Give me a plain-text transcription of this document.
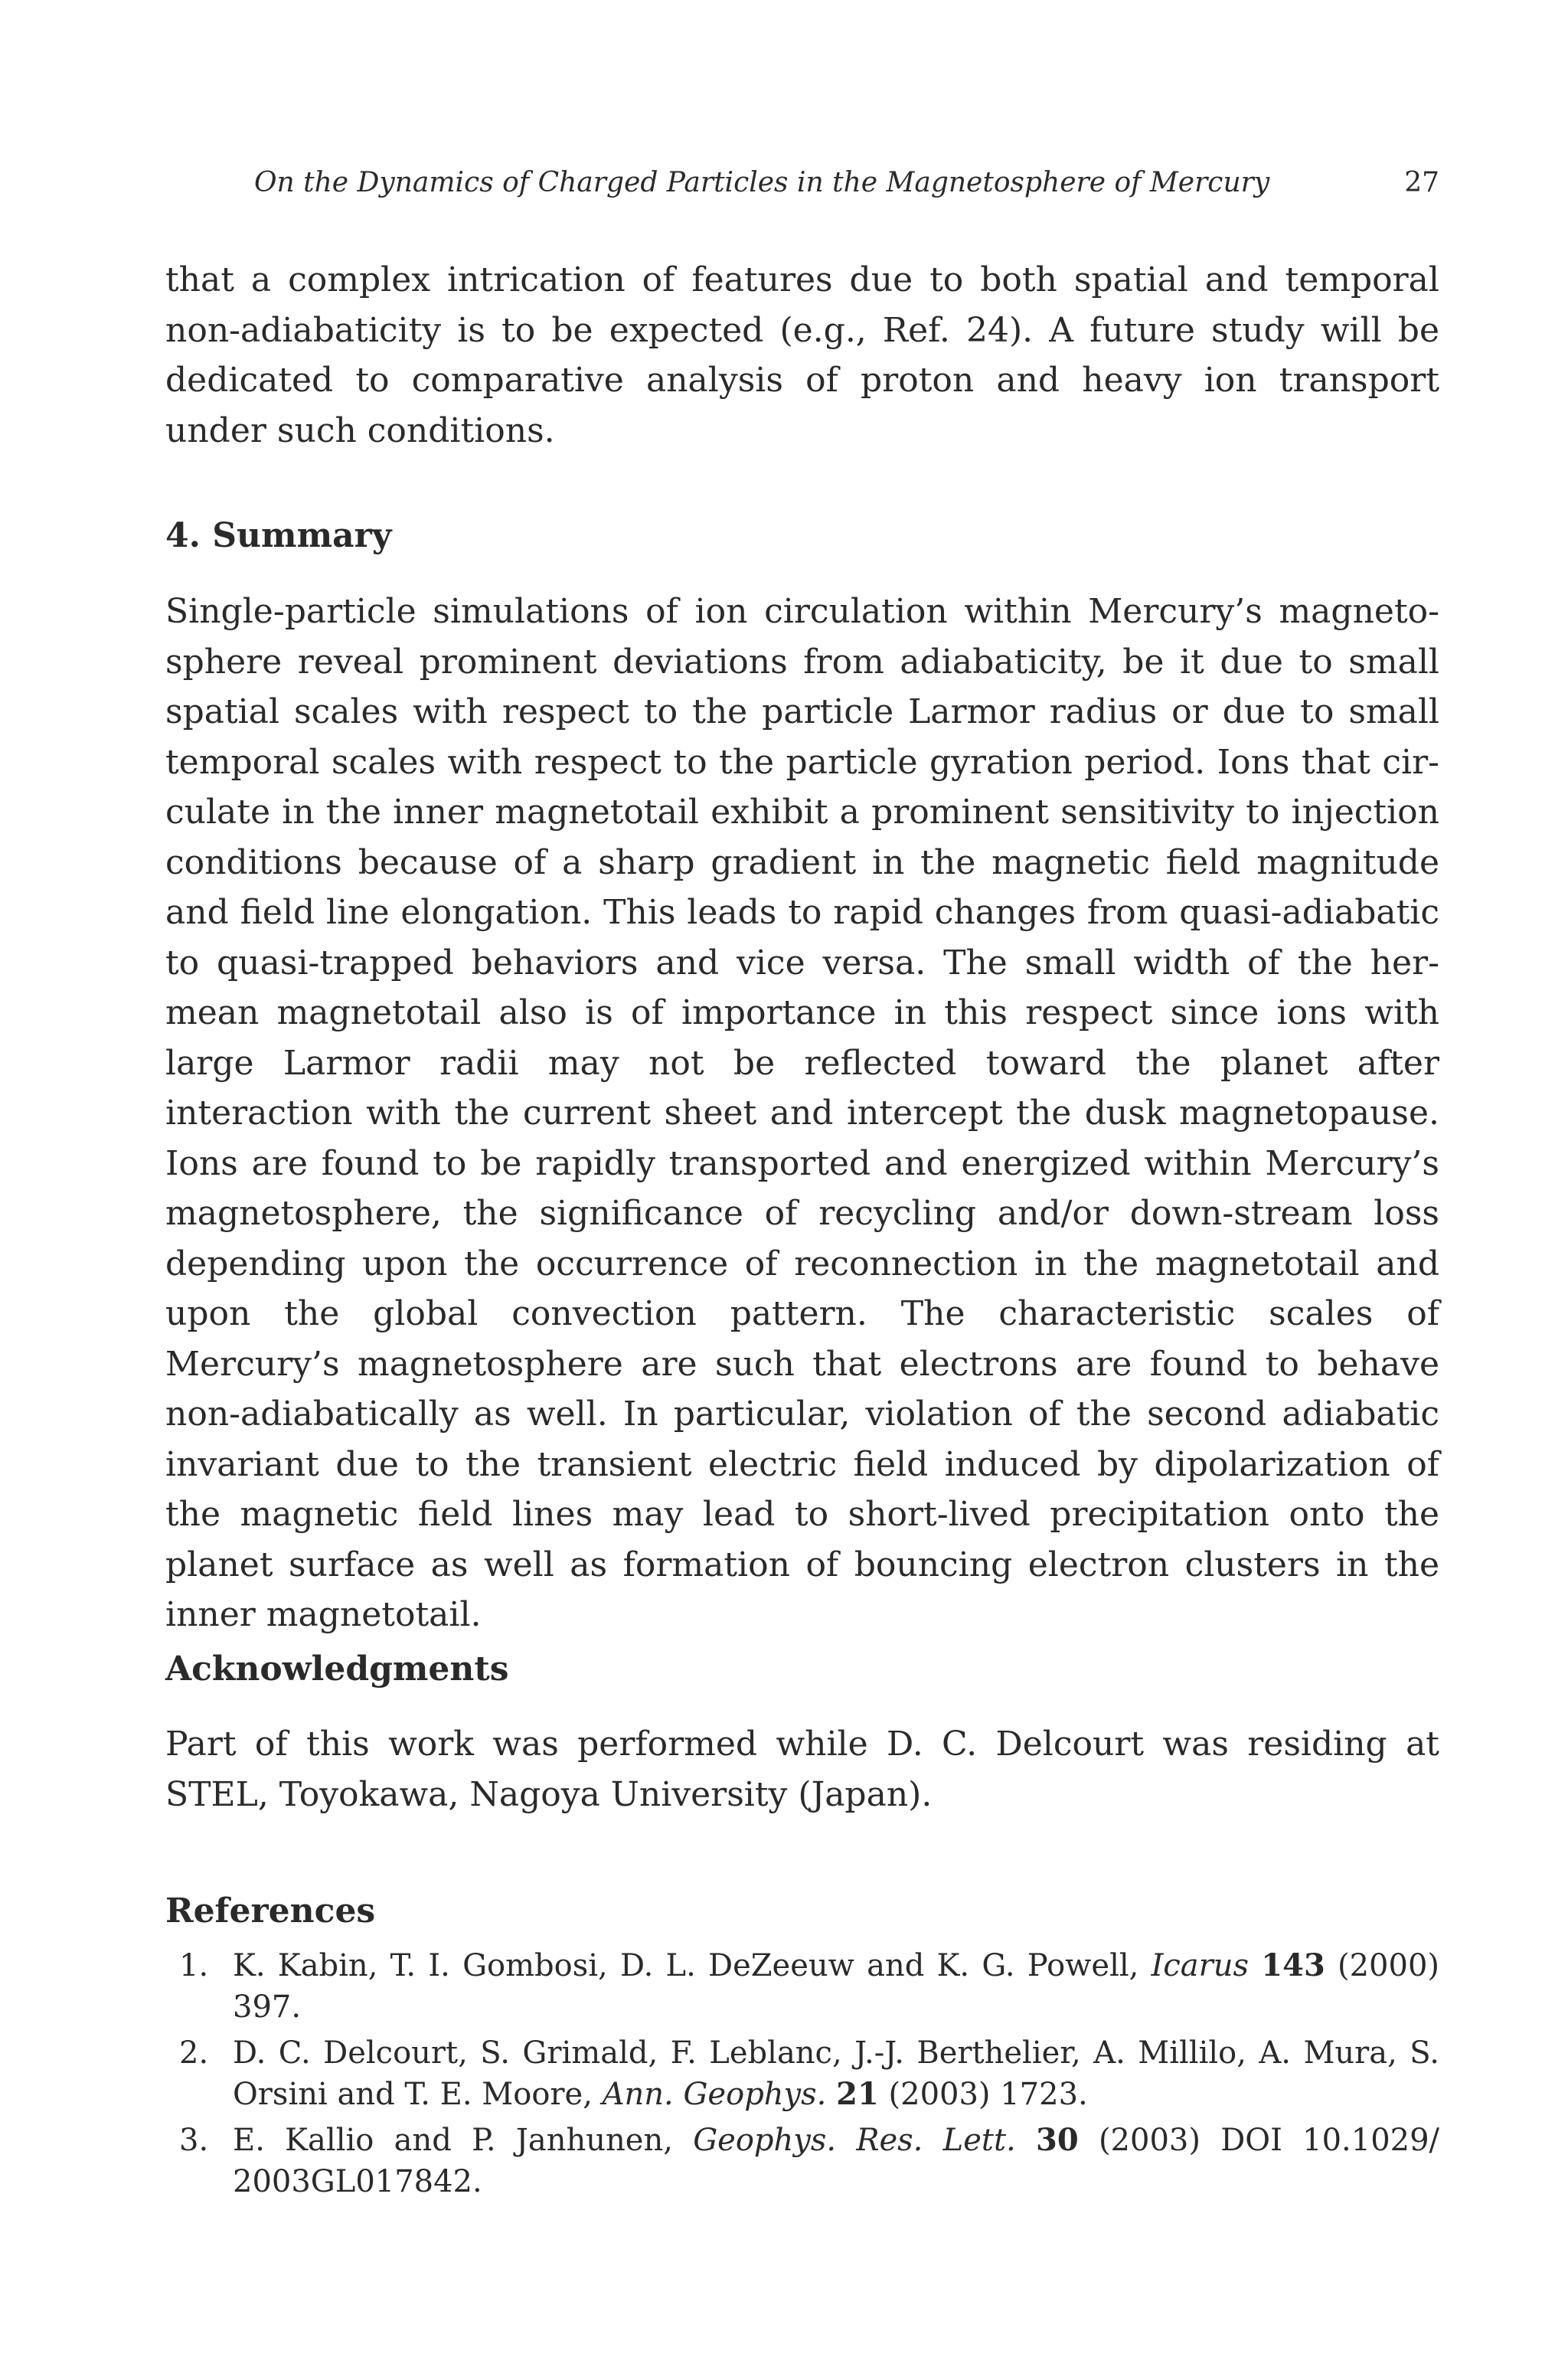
On the Dynamics of Charged Particles in the Magnetosphere of Mercury	27

that a complex intrication of features due to both spatial and temporal non-adiabaticity is to be expected (e.g., Ref. 24). A future study will be dedicated to comparative analysis of proton and heavy ion transport under such conditions.

4. Summary

Single-particle simulations of ion circulation within Mercury’s magnetosphere reveal prominent deviations from adiabaticity, be it due to small spatial scales with respect to the particle Larmor radius or due to small temporal scales with respect to the particle gyration period. Ions that circulate in the inner magnetotail exhibit a prominent sensitivity to injection conditions because of a sharp gradient in the magnetic field magnitude and field line elongation. This leads to rapid changes from quasi-adiabatic to quasi-trapped behaviors and vice versa. The small width of the hermean magnetotail also is of importance in this respect since ions with large Larmor radii may not be reflected toward the planet after interaction with the current sheet and intercept the dusk magnetopause. Ions are found to be rapidly transported and energized within Mercury’s magnetosphere, the significance of recycling and/or down-stream loss depending upon the occurrence of reconnection in the magnetotail and upon the global convection pattern. The characteristic scales of Mercury’s magnetosphere are such that electrons are found to behave non-adiabatically as well. In particular, violation of the second adiabatic invariant due to the transient electric field induced by dipolarization of the magnetic field lines may lead to short-lived precipitation onto the planet surface as well as formation of bouncing electron clusters in the inner magnetotail.

Acknowledgments

Part of this work was performed while D. C. Delcourt was residing at STEL, Toyokawa, Nagoya University (Japan).

References
1. K. Kabin, T. I. Gombosi, D. L. DeZeeuw and K. G. Powell, Icarus 143 (2000) 397.
2. D. C. Delcourt, S. Grimald, F. Leblanc, J.-J. Berthelier, A. Millilo, A. Mura, S. Orsini and T. E. Moore, Ann. Geophys. 21 (2003) 1723.
3. E. Kallio and P. Janhunen, Geophys. Res. Lett. 30 (2003) DOI 10.1029/ 2003GL017842.
